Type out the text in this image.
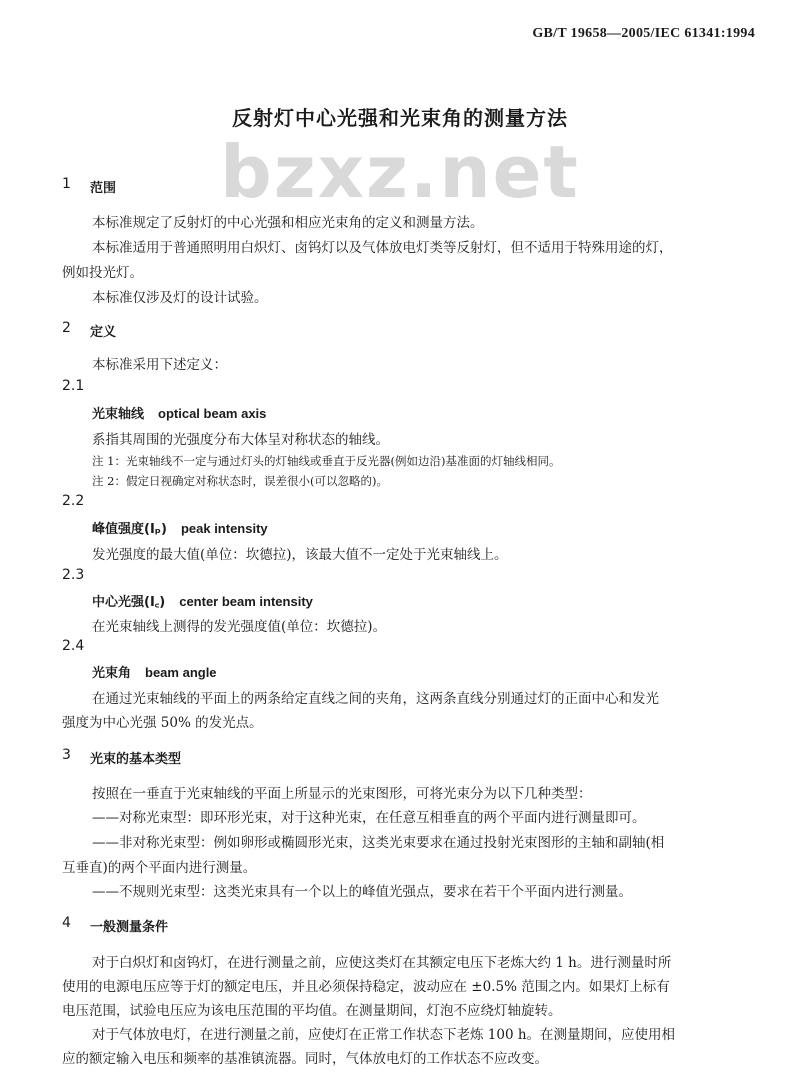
bzxz.net
GB/T 19658—2005/IEC 61341:1994
反射灯中心光强和光束角的测量方法
1 范围
本标准规定了反射灯的中心光强和相应光束角的定义和测量方法。
本标准适用于普通照明用白炽灯、卤钨灯以及气体放电灯类等反射灯，但不适用于特殊用途的灯，
例如投光灯。
本标准仅涉及灯的设计试验。
2 定义
本标准采用下述定义：
2.1
光束轴线 optical beam axis
系指其周围的光强度分布大体呈对称状态的轴线。
注 1：光束轴线不一定与通过灯头的灯轴线或垂直于反光器(例如边沿)基准面的灯轴线相同。
注 2：假定日视确定对称状态时，误差很小(可以忽略的)。
2.2
峰值强度(Iₚ) peak intensity
发光强度的最大值(单位：坎德拉)，该最大值不一定处于光束轴线上。
2.3
中心光强(I꜀) center beam intensity
在光束轴线上测得的发光强度值(单位：坎德拉)。
2.4
光束角 beam angle
在通过光束轴线的平面上的两条给定直线之间的夹角，这两条直线分别通过灯的正面中心和发光
强度为中心光强 50% 的发光点。
3 光束的基本类型
按照在一垂直于光束轴线的平面上所显示的光束图形，可将光束分为以下几种类型：
——对称光束型：即环形光束，对于这种光束，在任意互相垂直的两个平面内进行测量即可。
——非对称光束型：例如卵形或椭圆形光束，这类光束要求在通过投射光束图形的主轴和副轴(相
互垂直)的两个平面内进行测量。
——不规则光束型：这类光束具有一个以上的峰值光强点，要求在若干个平面内进行测量。
4 一般测量条件
对于白炽灯和卤钨灯，在进行测量之前，应使这类灯在其额定电压下老炼大约 1 h。进行测量时所
使用的电源电压应等于灯的额定电压，并且必须保持稳定，波动应在 ±0.5% 范围之内。如果灯上标有
电压范围，试验电压应为该电压范围的平均值。在测量期间，灯泡不应绕灯轴旋转。
对于气体放电灯，在进行测量之前，应使灯在正常工作状态下老炼 100 h。在测量期间，应使用相
应的额定输入电压和频率的基准镇流器。同时，气体放电灯的工作状态不应改变。
